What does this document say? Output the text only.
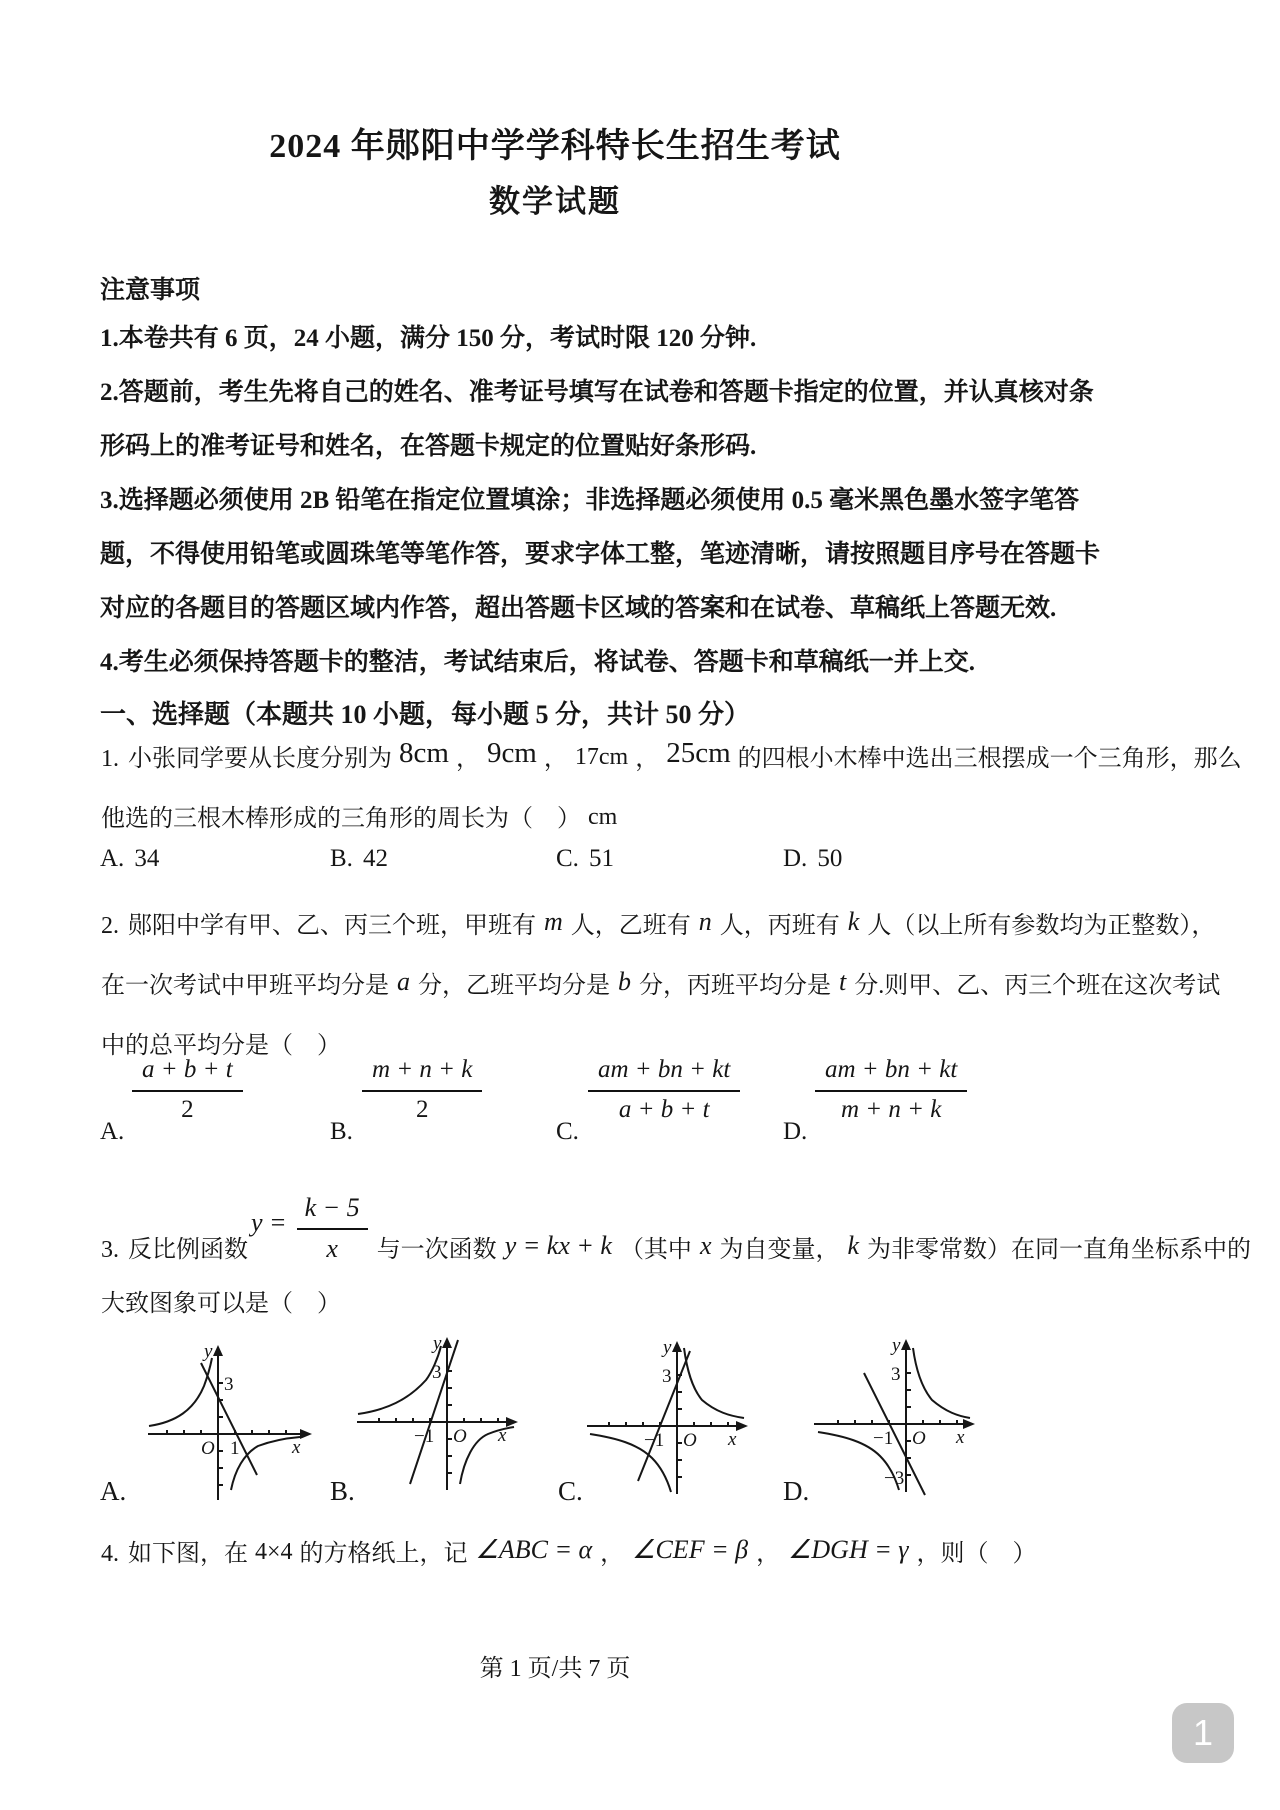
2024 年郧阳中学学科特长生招生考试
数学试题
注意事项
1.本卷共有 6 页，24 小题，满分 150 分，考试时限 120 分钟.
2.答题前，考生先将自己的姓名、准考证号填写在试卷和答题卡指定的位置，并认真核对条
形码上的准考证号和姓名，在答题卡规定的位置贴好条形码.
3.选择题必须使用 2B 铅笔在指定位置填涂；非选择题必须使用 0.5 毫米黑色墨水签字笔答
题，不得使用铅笔或圆珠笔等笔作答，要求字体工整，笔迹清晰，请按照题目序号在答题卡
对应的各题目的答题区域内作答，超出答题卡区域的答案和在试卷、草稿纸上答题无效.
4.考生必须保持答题卡的整洁，考试结束后，将试卷、答题卡和草稿纸一并上交.
一、选择题（本题共 10 小题，每小题 5 分，共计 50 分）
1. 小张同学要从长度分别为 8cm ， 9cm ， 17cm ， 25cm 的四根小木棒中选出三根摆成一个三角形，那么
他选的三根木棒形成的三角形的周长为（　） cm
A. 34	B. 42	C. 51	D. 50
2. 郧阳中学有甲、乙、丙三个班，甲班有 m 人，乙班有 n 人，丙班有 k 人（以上所有参数均为正整数），
在一次考试中甲班平均分是 a 分，乙班平均分是 b 分，丙班平均分是 t 分.则甲、乙、丙三个班在这次考试
中的总平均分是（　）
A.
$\frac{a + b + t}{2}$
B.
$\frac{m + n + k}{2}$
C.
$\frac{am + bn + kt}{a + b + t}$
D.
$\frac{am + bn + kt}{m + n + k}$
3. 反比例函数
$y = \frac{k - 5}{x}$ 与一次函数 y = kx + k （其中 x 为自变量， k 为非零常数）在同一直角坐标系中的
大致图象可以是（　）
y
x
O
3
1
A.
y
x
O
3
−1
B.
y
x
O
3
−1
C.
y
x
O
3
−1
−3
D.
4. 如下图，在 4×4 的方格纸上，记 ∠ABC = α ， ∠CEF = β ， ∠DGH = γ ，则（　）
第 1 页/共 7 页
1
